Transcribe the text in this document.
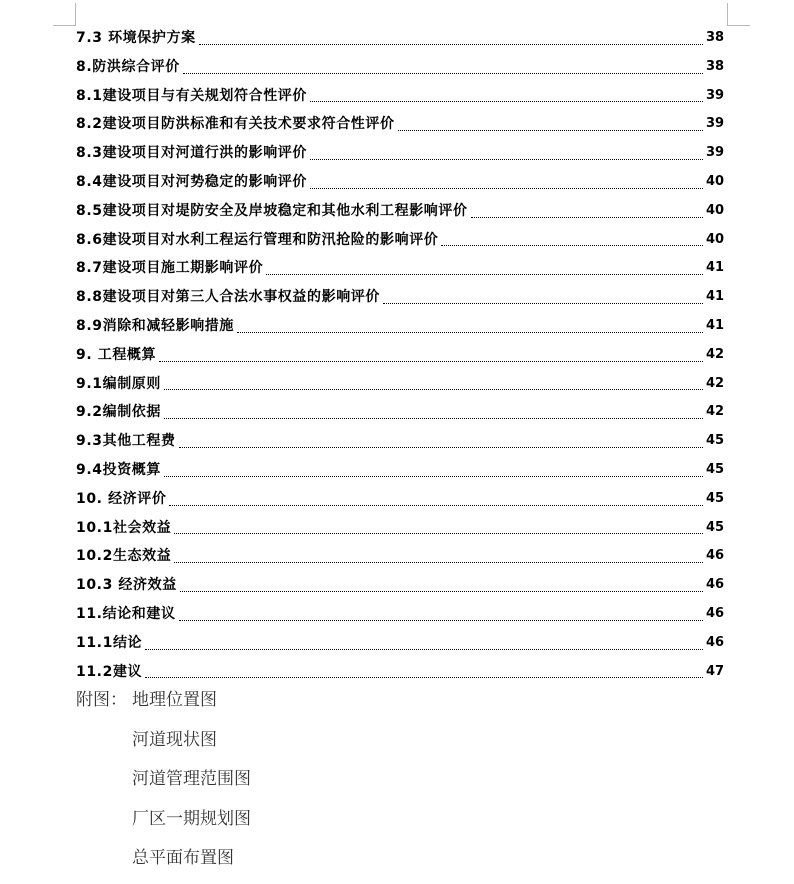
7.3 环境保护方案	38
8.防洪综合评价	38
8.1建设项目与有关规划符合性评价	39
8.2建设项目防洪标准和有关技术要求符合性评价	39
8.3建设项目对河道行洪的影响评价	39
8.4建设项目对河势稳定的影响评价	40
8.5建设项目对堤防安全及岸坡稳定和其他水利工程影响评价	40
8.6建设项目对水利工程运行管理和防汛抢险的影响评价	40
8.7建设项目施工期影响评价	41
8.8建设项目对第三人合法水事权益的影响评价	41
8.9消除和减轻影响措施	41
9. 工程概算	42
9.1编制原则	42
9.2编制依据	42
9.3其他工程费	45
9.4投资概算	45
10. 经济评价	45
10.1社会效益	45
10.2生态效益	46
10.3 经济效益	46
11.结论和建议	46
11.1结论	46
11.2建议	47
附图： 地理位置图
河道现状图
河道管理范围图
厂区一期规划图
总平面布置图
